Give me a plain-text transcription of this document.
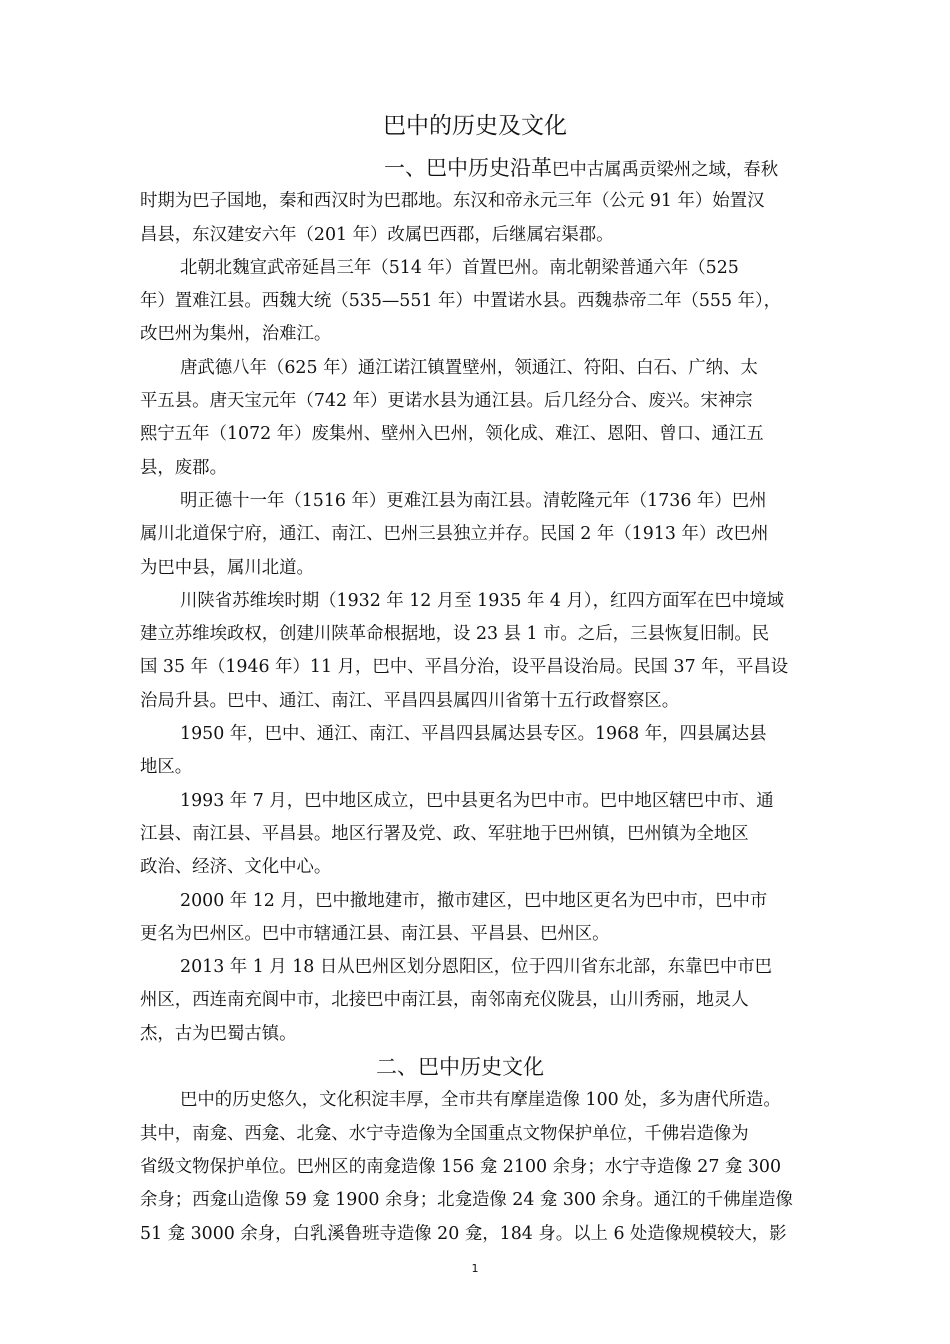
巴中的历史及文化
一、巴中历史沿革巴中古属禹贡梁州之域，春秋
时期为巴子国地，秦和西汉时为巴郡地。东汉和帝永元三年（公元 91 年）始置汉
昌县，东汉建安六年（201 年）改属巴西郡，后继属宕渠郡。
北朝北魏宣武帝延昌三年（514 年）首置巴州。南北朝梁普通六年（525
年）置难江县。西魏大统（535—551 年）中置诺水县。西魏恭帝二年（555 年），
改巴州为集州，治难江。
唐武德八年（625 年）通江诺江镇置壁州，领通江、符阳、白石、广纳、太
平五县。唐天宝元年（742 年）更诺水县为通江县。后几经分合、废兴。宋神宗
熙宁五年（1072 年）废集州、壁州入巴州，领化成、难江、恩阳、曾口、通江五
县，废郡。
明正德十一年（1516 年）更难江县为南江县。清乾隆元年（1736 年）巴州
属川北道保宁府，通江、南江、巴州三县独立并存。民国 2 年（1913 年）改巴州
为巴中县，属川北道。
川陕省苏维埃时期（1932 年 12 月至 1935 年 4 月），红四方面军在巴中境域
建立苏维埃政权，创建川陕革命根据地，设 23 县 1 市。之后，三县恢复旧制。民
国 35 年（1946 年）11 月，巴中、平昌分治，设平昌设治局。民国 37 年，平昌设
治局升县。巴中、通江、南江、平昌四县属四川省第十五行政督察区。
1950 年，巴中、通江、南江、平昌四县属达县专区。1968 年，四县属达县
地区。
1993 年 7 月，巴中地区成立，巴中县更名为巴中市。巴中地区辖巴中市、通
江县、南江县、平昌县。地区行署及党、政、军驻地于巴州镇，巴州镇为全地区
政治、经济、文化中心。
2000 年 12 月，巴中撤地建市，撤市建区，巴中地区更名为巴中市，巴中市
更名为巴州区。巴中市辖通江县、南江县、平昌县、巴州区。
2013 年 1 月 18 日从巴州区划分恩阳区，位于四川省东北部，东靠巴中市巴
州区，西连南充阆中市，北接巴中南江县，南邻南充仪陇县，山川秀丽，地灵人
杰，古为巴蜀古镇。
二、巴中历史文化
巴中的历史悠久，文化积淀丰厚，全市共有摩崖造像 100 处，多为唐代所造。
其中，南龛、西龛、北龛、水宁寺造像为全国重点文物保护单位，千佛岩造像为
省级文物保护单位。巴州区的南龛造像 156 龛 2100 余身；水宁寺造像 27 龛 300
余身；西龛山造像 59 龛 1900 余身；北龛造像 24 龛 300 余身。通江的千佛崖造像
51 龛 3000 余身，白乳溪鲁班寺造像 20 龛，184 身。以上 6 处造像规模较大，影
1
